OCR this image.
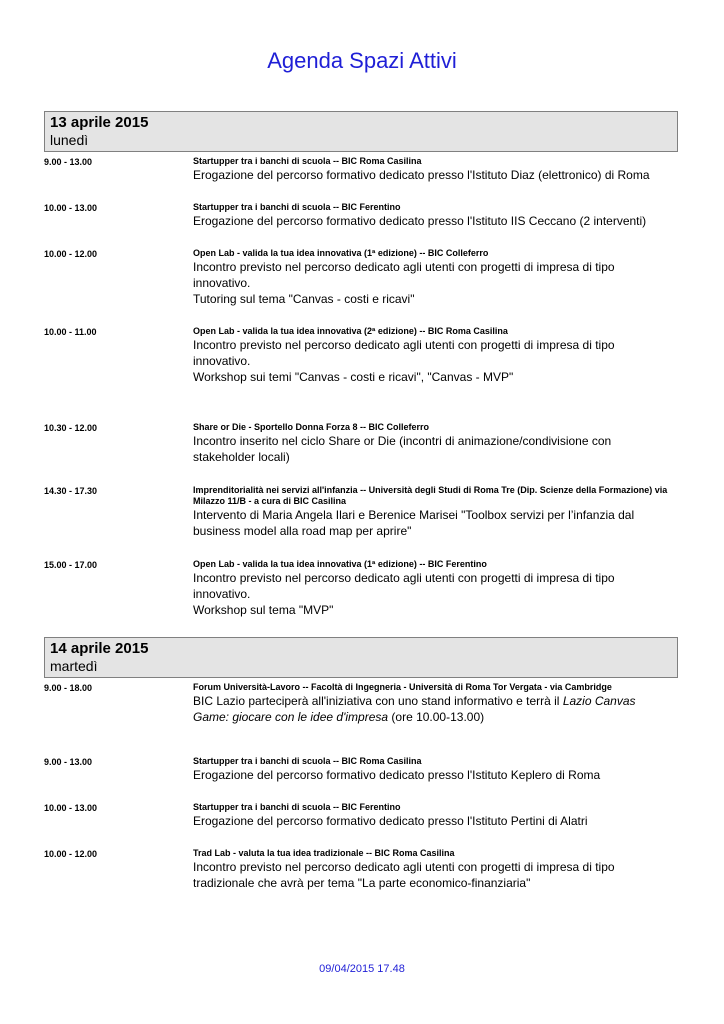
Agenda Spazi Attivi
13 aprile 2015
lunedì
9.00 - 13.00	Startupper tra i banchi di scuola -- BIC Roma Casilina
Erogazione del percorso formativo dedicato presso l'Istituto Diaz (elettronico) di Roma
10.00 - 13.00	Startupper tra i banchi di scuola -- BIC Ferentino
Erogazione del percorso formativo dedicato presso l'Istituto IIS Ceccano (2 interventi)
10.00 - 12.00	Open Lab - valida la tua idea innovativa (1ª edizione) -- BIC Colleferro
Incontro previsto nel percorso dedicato agli utenti con progetti di impresa di tipo innovativo.
Tutoring sul tema "Canvas - costi e ricavi"
10.00 - 11.00	Open Lab - valida la tua idea innovativa (2ª edizione) -- BIC Roma Casilina
Incontro previsto nel percorso dedicato agli utenti con progetti di impresa di tipo innovativo.
Workshop sui temi "Canvas - costi e ricavi", "Canvas - MVP"
10.30 - 12.00	Share or Die - Sportello Donna Forza 8 -- BIC Colleferro
Incontro inserito nel ciclo Share or Die (incontri di animazione/condivisione con stakeholder locali)
14.30 - 17.30	Imprenditorialità nei servizi all'infanzia -- Università degli Studi di Roma Tre (Dip. Scienze della Formazione) via Milazzo 11/B - a cura di BIC Casilina
Intervento di Maria Angela Ilari e Berenice Marisei "Toolbox servizi per l’infanzia dal business model alla road map per aprire"
15.00 - 17.00	Open Lab - valida la tua idea innovativa (1ª edizione) -- BIC Ferentino
Incontro previsto nel percorso dedicato agli utenti con progetti di impresa di tipo innovativo.
Workshop sul tema "MVP"
14 aprile 2015
martedì
9.00 - 18.00	Forum Università-Lavoro -- Facoltà di Ingegneria - Università di Roma Tor Vergata - via Cambridge
BIC Lazio parteciperà all'iniziativa con uno stand informativo e terrà il Lazio Canvas Game: giocare con le idee d'impresa (ore 10.00-13.00)
9.00 - 13.00	Startupper tra i banchi di scuola -- BIC Roma Casilina
Erogazione del percorso formativo dedicato presso l'Istituto Keplero di Roma
10.00 - 13.00	Startupper tra i banchi di scuola -- BIC Ferentino
Erogazione del percorso formativo dedicato presso l'Istituto Pertini di Alatri
10.00 - 12.00	Trad Lab - valuta la tua idea tradizionale -- BIC Roma Casilina
Incontro previsto nel percorso dedicato agli utenti con progetti di impresa di tipo tradizionale che avrà per tema "La parte economico-finanziaria"
09/04/2015 17.48
